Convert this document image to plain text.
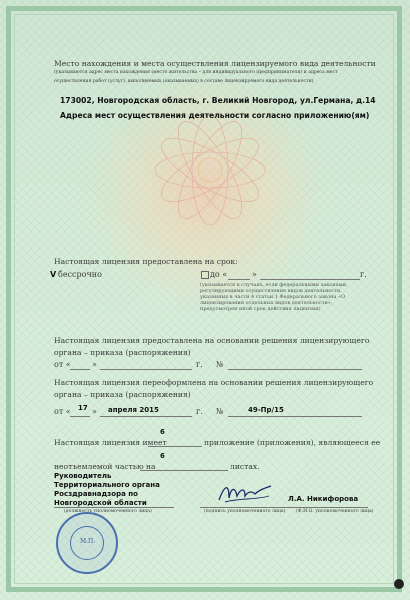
Место нахождения и места осуществления лицензируемого вида деятельности
(указываются адрес места нахождения (место жительства – для индивидуального предпринимателя) и адреса мест
осуществления работ (услуг), выполняемых (оказываемых) в составе лицензируемого вида деятельности)
173002, Новгородская область, г. Великий Новгород, ул.Германа, д.14
Адреса мест осуществления деятельности согласно приложению(ям)
Настоящая лицензия предоставлена на срок:
V бессрочно	до «	»	г.
(указывается в случаях, если федеральными законами, регулирующими осуществление видов деятельности, указанных в части 4 статьи 1 Федерального закона «О лицензировании отдельных видов деятельности», предусмотрен иной срок действия лицензии)
Настоящая лицензия предоставлена на основании решения лицензирующего
органа – приказа (распоряжения)
от «	»	г. №
Настоящая лицензия переоформлена на основании решения лицензирующего
органа – приказа (распоряжения)
от « 17 » апреля 2015	г. №	49-Пр/15
6
Настоящая лицензия имеет	приложение (приложения), являющееся ее
6
неотъемлемой частью на	листах.
Руководитель
Территориального органа
Росздравнадзора по
Новгородской области	Л.А. Никифорова
(должность уполномоченного лица)	(подпись уполномоченного лица) (Ф.И.О. уполномоченного лица)
М.П.
